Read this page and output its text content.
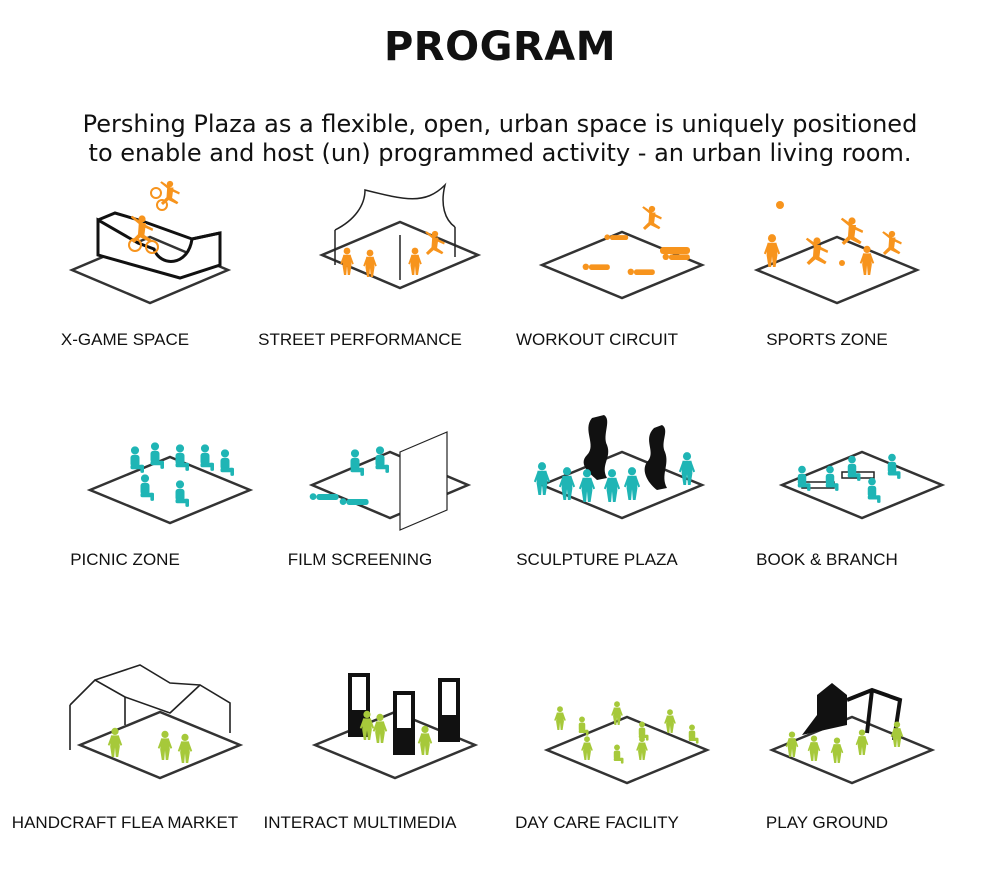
PROGRAM
Pershing Plaza as a flexible, open, urban space is uniquely positioned
to enable and host (un) programmed activity - an urban living room.
X-GAME SPACE	STREET PERFORMANCE	WORKOUT CIRCUIT	SPORTS ZONE
PICNIC ZONE	FILM SCREENING	SCULPTURE PLAZA	BOOK & BRANCH
HANDCRAFT FLEA MARKET	INTERACT MULTIMEDIA	DAY CARE FACILITY	PLAY GROUND
